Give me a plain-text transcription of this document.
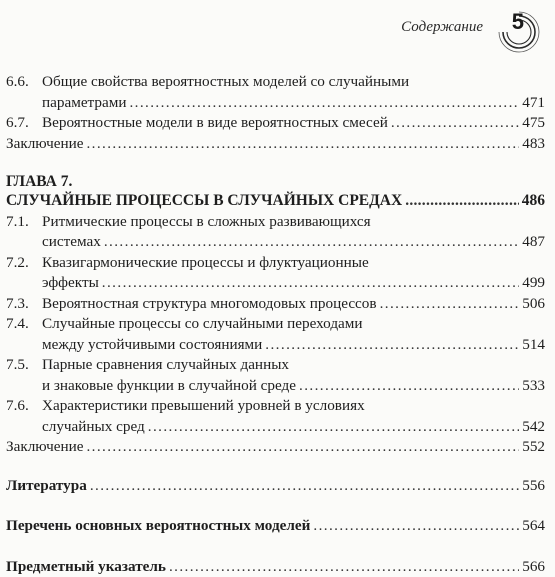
Содержание 5
6.6. Общие свойства вероятностных моделей со случайными
параметрами . . .	471
6.7. Вероятностные модели в виде вероятностных смесей . . .	475
Заключение . . .	483
ГЛАВА 7.
СЛУЧАЙНЫЕ ПРОЦЕССЫ В СЛУЧАЙНЫХ СРЕДАХ . . .	486
7.1. Ритмические процессы в сложных развивающихся
системах . . .	487
7.2. Квазигармонические процессы и флуктуационные
эффекты . . .	499
7.3. Вероятностная структура многомодовых процессов . . .	506
7.4. Случайные процессы со случайными переходами
между устойчивыми состояниями . . .	514
7.5. Парные сравнения случайных данных
и знаковые функции в случайной среде . . .	533
7.6. Характеристики превышений уровней в условиях
случайных сред . . .	542
Заключение . . .	552
Литература . . .	556
Перечень основных вероятностных моделей . . .	564
Предметный указатель . . .	566
